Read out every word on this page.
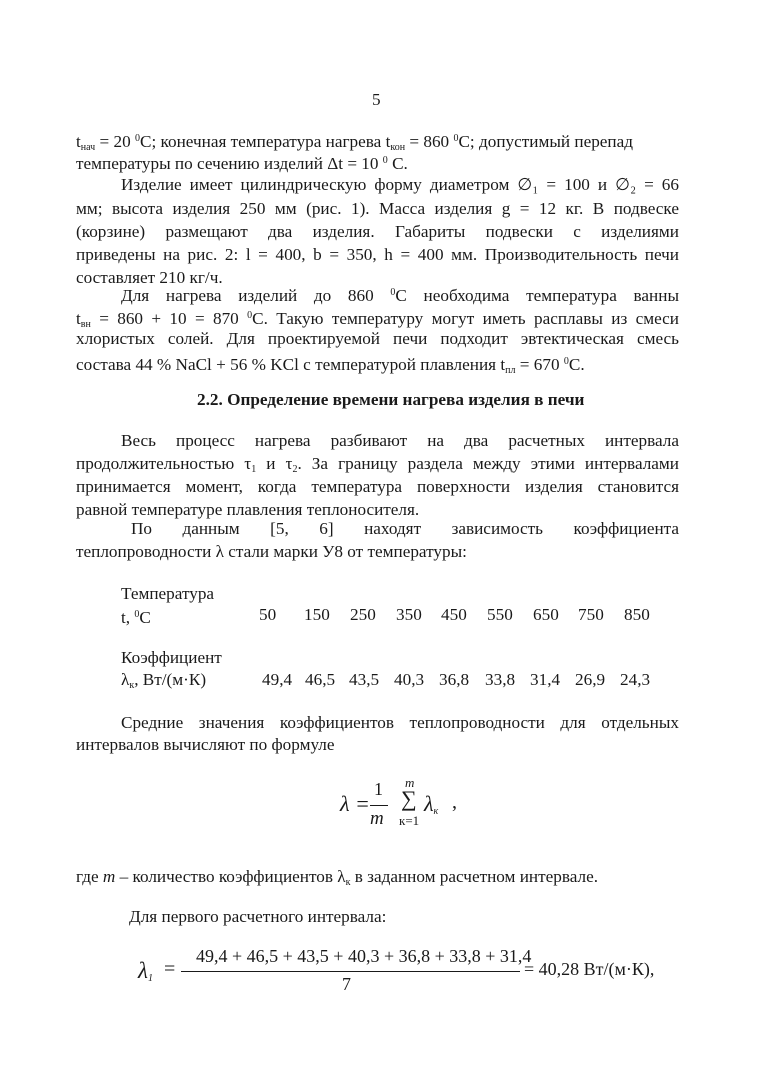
5
$t_{нач} = 20$ $^0$С; конечная температура нагрева $t_{кон} = 860$ $^0$С; допустимый перепад
температуры по сечению изделий Δt = 10 $^0$ С.
Изделие имеет цилиндрическую форму диаметром ∅₁ = 100 и ∅₂ = 66
мм; высота изделия 250 мм (рис. 1). Масса изделия g = 12 кг. В подвеске
(корзине) размещают два изделия. Габариты подвески с изделиями
приведены на рис. 2: l = 400, b = 350, h = 400 мм. Производительность печи
составляет 210 кг/ч.
Для нагрева изделий до 860 $^0$С необходима температура ванны
$t_{вн} = 860 + 10 = 870$ $^0$С. Такую температуру могут иметь расплавы из смеси
хлористых солей. Для проектируемой печи подходит эвтектическая смесь
состава 44 % NaCl + 56 % KCl с температурой плавления $t_{пл} = 670$ $^0$С.
2.2. Определение времени нагрева изделия в печи
Весь процесс нагрева разбивают на два расчетных интервала
продолжительностью $\tau_1$ и $\tau_2$. За границу раздела между этими интервалами
принимается момент, когда температура поверхности изделия становится
равной температуре плавления теплоносителя.
По данным [5, 6] находят зависимость коэффициента
теплопроводности λ стали марки У8 от температуры:
Температура
t, $^0$С	50 150 250 350 450 550 650 750 850
Коэффициент
$\lambda_к$, Вт/(м·К)	49,4 46,5 43,5 40,3 36,8 33,8 31,4 26,9 24,3
Средние значения коэффициентов теплопроводности для отдельных
интервалов вычисляют по формуле
λ =
1
m
m
∑
к=1
$\lambda_к$ ,
где m – количество коэффициентов $\lambda_к$ в заданном расчетном интервале.
Для первого расчетного интервала:
$\lambda_1$ =
49,4 + 46,5 + 43,5 + 40,3 + 36,8 + 33,8 + 31,4
7
= 40,28 Вт/(м·К),
